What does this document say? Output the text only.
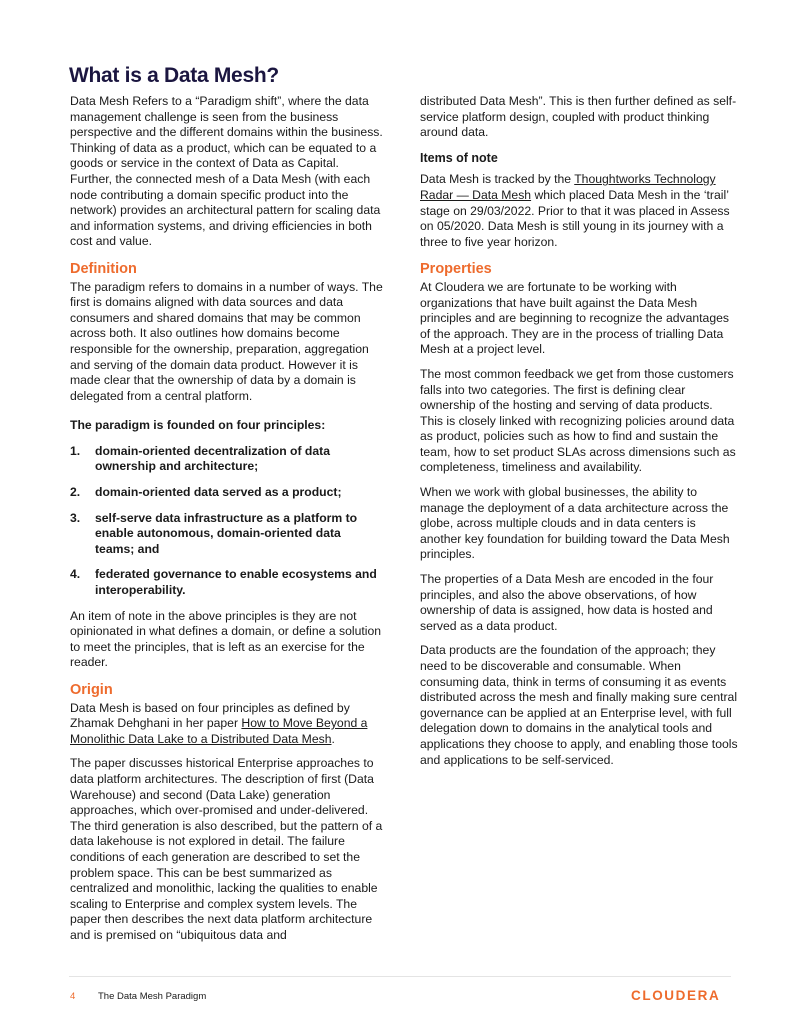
What is a Data Mesh?

Data Mesh Refers to a “Paradigm shift”, where the data management challenge is seen from the business perspective and the different domains within the business. Thinking of data as a product, which can be equated to a goods or service in the context of Data as Capital. Further, the connected mesh of a Data Mesh (with each node contributing a domain specific product into the network) provides an architectural pattern for scaling data and information systems, and driving efficiencies in both cost and value.

Definition

The paradigm refers to domains in a number of ways. The first is domains aligned with data sources and data consumers and shared domains that may be common across both. It also outlines how domains become responsible for the ownership, preparation, aggregation and serving of the domain data product. However it is made clear that the ownership of data by a domain is delegated from a central platform.

The paradigm is founded on four principles:

1.	domain-oriented decentralization of data ownership and architecture;
2.	domain-oriented data served as a product;
3.	self-serve data infrastructure as a platform to enable autonomous, domain-oriented data teams; and
4.	federated governance to enable ecosystems and interoperability.

An item of note in the above principles is they are not opinionated in what defines a domain, or define a solution to meet the principles, that is left as an exercise for the reader.

Origin

Data Mesh is based on four principles as defined by Zhamak Dehghani in her paper How to Move Beyond a Monolithic Data Lake to a Distributed Data Mesh.

The paper discusses historical Enterprise approaches to data platform architectures. The description of first (Data Warehouse) and second (Data Lake) generation approaches, which over-promised and under-delivered. The third generation is also described, but the pattern of a data lakehouse is not explored in detail. The failure conditions of each generation are described to set the problem space. This can be best summarized as centralized and monolithic, lacking the qualities to enable scaling to Enterprise and complex system levels. The paper then describes the next data platform architecture and is premised on “ubiquitous data and

distributed Data Mesh”. This is then further defined as self-service platform design, coupled with product thinking around data.

Items of note

Data Mesh is tracked by the Thoughtworks Technology Radar — Data Mesh which placed Data Mesh in the ‘trail’ stage on 29/03/2022. Prior to that it was placed in Assess on 05/2020. Data Mesh is still young in its journey with a three to five year horizon.

Properties

At Cloudera we are fortunate to be working with organizations that have built against the Data Mesh principles and are beginning to recognize the advantages of the approach. They are in the process of trialling Data Mesh at a project level.

The most common feedback we get from those customers falls into two categories. The first is defining clear ownership of the hosting and serving of data products. This is closely linked with recognizing policies around data as product, policies such as how to find and sustain the team, how to set product SLAs across dimensions such as completeness, timeliness and availability.

When we work with global businesses, the ability to manage the deployment of a data architecture across the globe, across multiple clouds and in data centers is another key foundation for building toward the Data Mesh principles.

The properties of a Data Mesh are encoded in the four principles, and also the above observations, of how ownership of data is assigned, how data is hosted and served as a data product.

Data products are the foundation of the approach; they need to be discoverable and consumable. When consuming data, think in terms of consuming it as events distributed across the mesh and finally making sure central governance can be applied at an Enterprise level, with full delegation down to domains in the analytical tools and applications they choose to apply, and enabling those tools and applications to be self-serviced.

4 The Data Mesh Paradigm	CLOUDERA
